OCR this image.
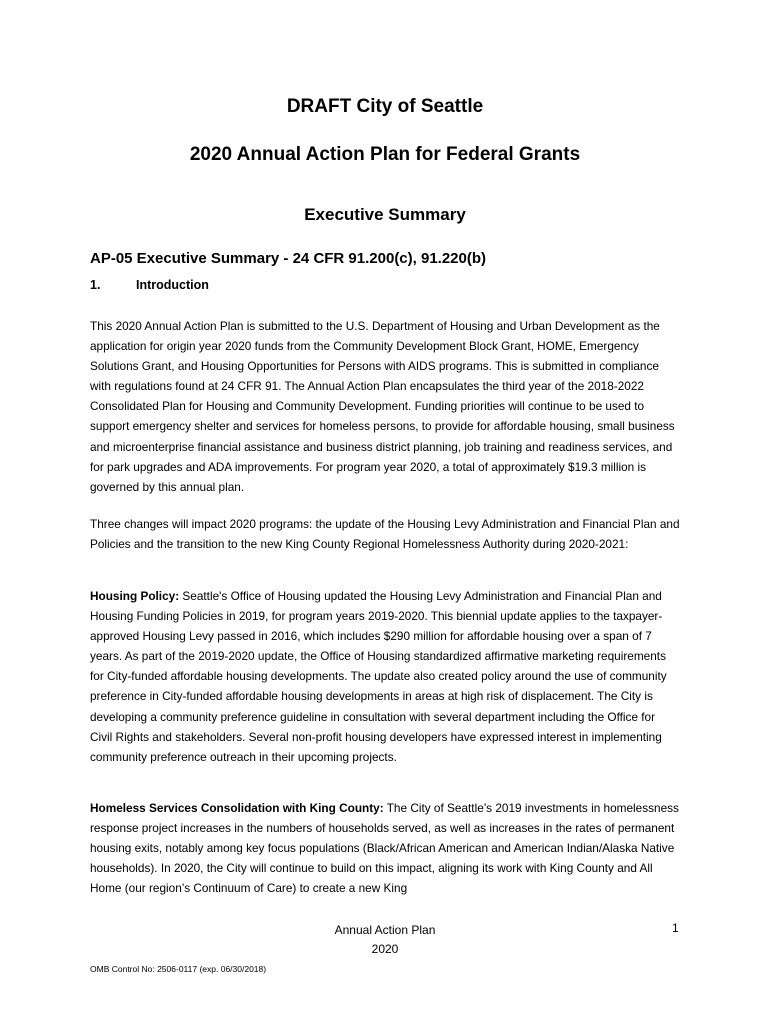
DRAFT City of Seattle
2020 Annual Action Plan for Federal Grants
Executive Summary
AP-05 Executive Summary - 24 CFR 91.200(c), 91.220(b)
1.	Introduction

This 2020 Annual Action Plan is submitted to the U.S. Department of Housing and Urban Development as the application for origin year 2020 funds from the Community Development Block Grant, HOME, Emergency Solutions Grant, and Housing Opportunities for Persons with AIDS programs. This is submitted in compliance with regulations found at 24 CFR 91. The Annual Action Plan encapsulates the third year of the 2018-2022 Consolidated Plan for Housing and Community Development. Funding priorities will continue to be used to support emergency shelter and services for homeless persons, to provide for affordable housing, small business and microenterprise financial assistance and business district planning, job training and readiness services, and for park upgrades and ADA improvements. For program year 2020, a total of approximately $19.3 million is governed by this annual plan.

Three changes will impact 2020 programs: the update of the Housing Levy Administration and Financial Plan and Policies and the transition to the new King County Regional Homelessness Authority during 2020-2021:

Housing Policy: Seattle's Office of Housing updated the Housing Levy Administration and Financial Plan and Housing Funding Policies in 2019, for program years 2019-2020. This biennial update applies to the taxpayer-approved Housing Levy passed in 2016, which includes $290 million for affordable housing over a span of 7 years. As part of the 2019-2020 update, the Office of Housing standardized affirmative marketing requirements for City-funded affordable housing developments. The update also created policy around the use of community preference in City-funded affordable housing developments in areas at high risk of displacement. The City is developing a community preference guideline in consultation with several department including the Office for Civil Rights and stakeholders. Several non-profit housing developers have expressed interest in implementing community preference outreach in their upcoming projects.

Homeless Services Consolidation with King County: The City of Seattle’s 2019 investments in homelessness response project increases in the numbers of households served, as well as increases in the rates of permanent housing exits, notably among key focus populations (Black/African American and American Indian/Alaska Native households). In 2020, the City will continue to build on this impact, aligning its work with King County and All Home (our region’s Continuum of Care) to create a new King

Annual Action Plan
2020
1
OMB Control No: 2506-0117 (exp. 06/30/2018)
